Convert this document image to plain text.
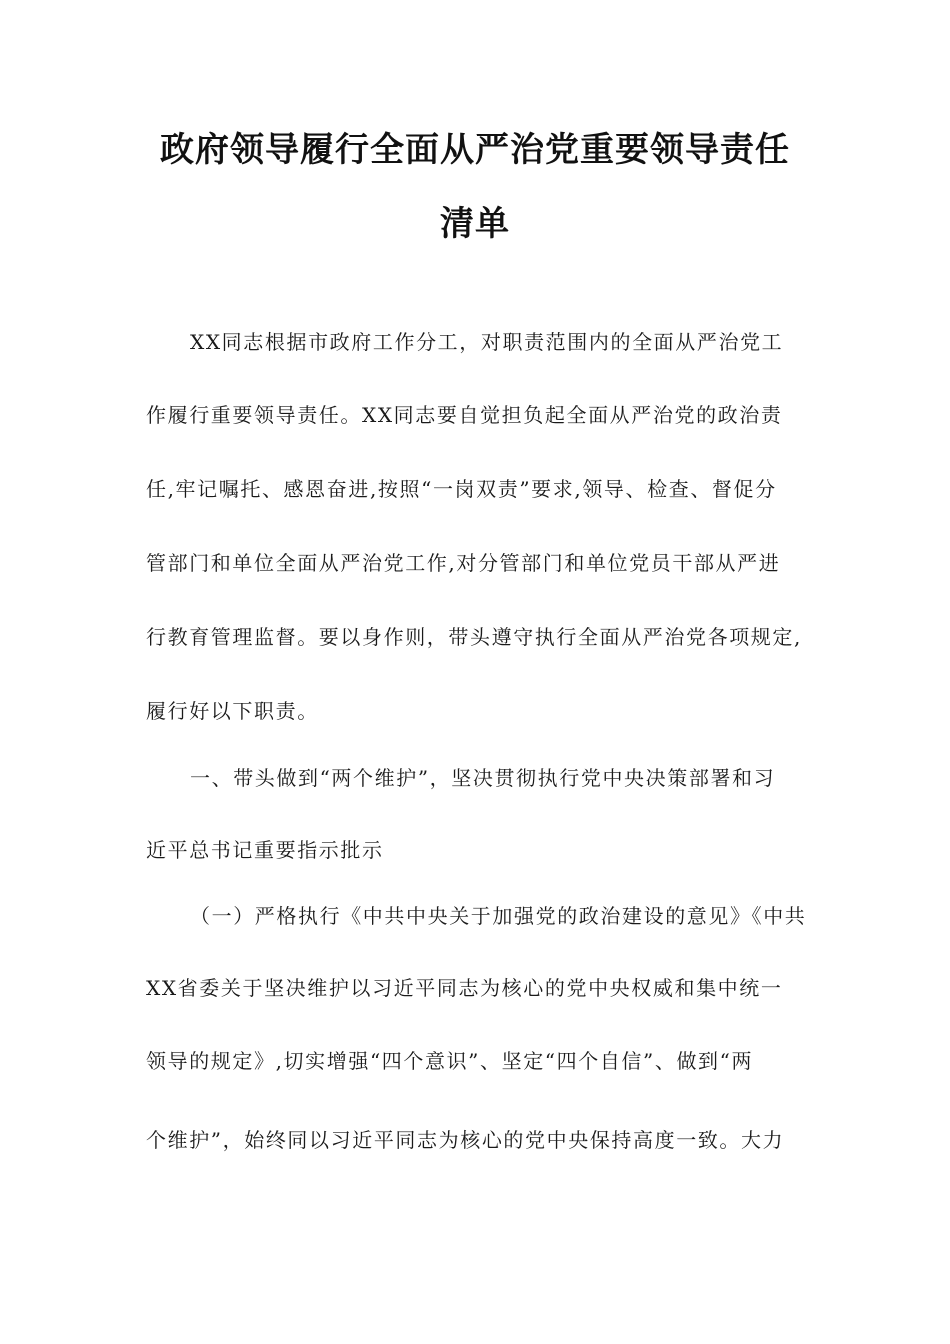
政府领导履行全面从严治党重要领导责任
清单
XX同志根据市政府工作分工，对职责范围内的全面从严治党工
作履行重要领导责任。XX同志要自觉担负起全面从严治党的政治责
任,牢记嘱托、感恩奋进,按照“一岗双责”要求,领导、检查、督促分
管部门和单位全面从严治党工作,对分管部门和单位党员干部从严进
行教育管理监督。要以身作则，带头遵守执行全面从严治党各项规定,
履行好以下职责。
一、带头做到“两个维护”，坚决贯彻执行党中央决策部署和习
近平总书记重要指示批示
（一）严格执行《中共中央关于加强党的政治建设的意见》《中共
XX省委关于坚决维护以习近平同志为核心的党中央权威和集中统一
领导的规定》,切实增强“四个意识”、坚定“四个自信”、做到“两
个维护”，始终同以习近平同志为核心的党中央保持高度一致。大力
